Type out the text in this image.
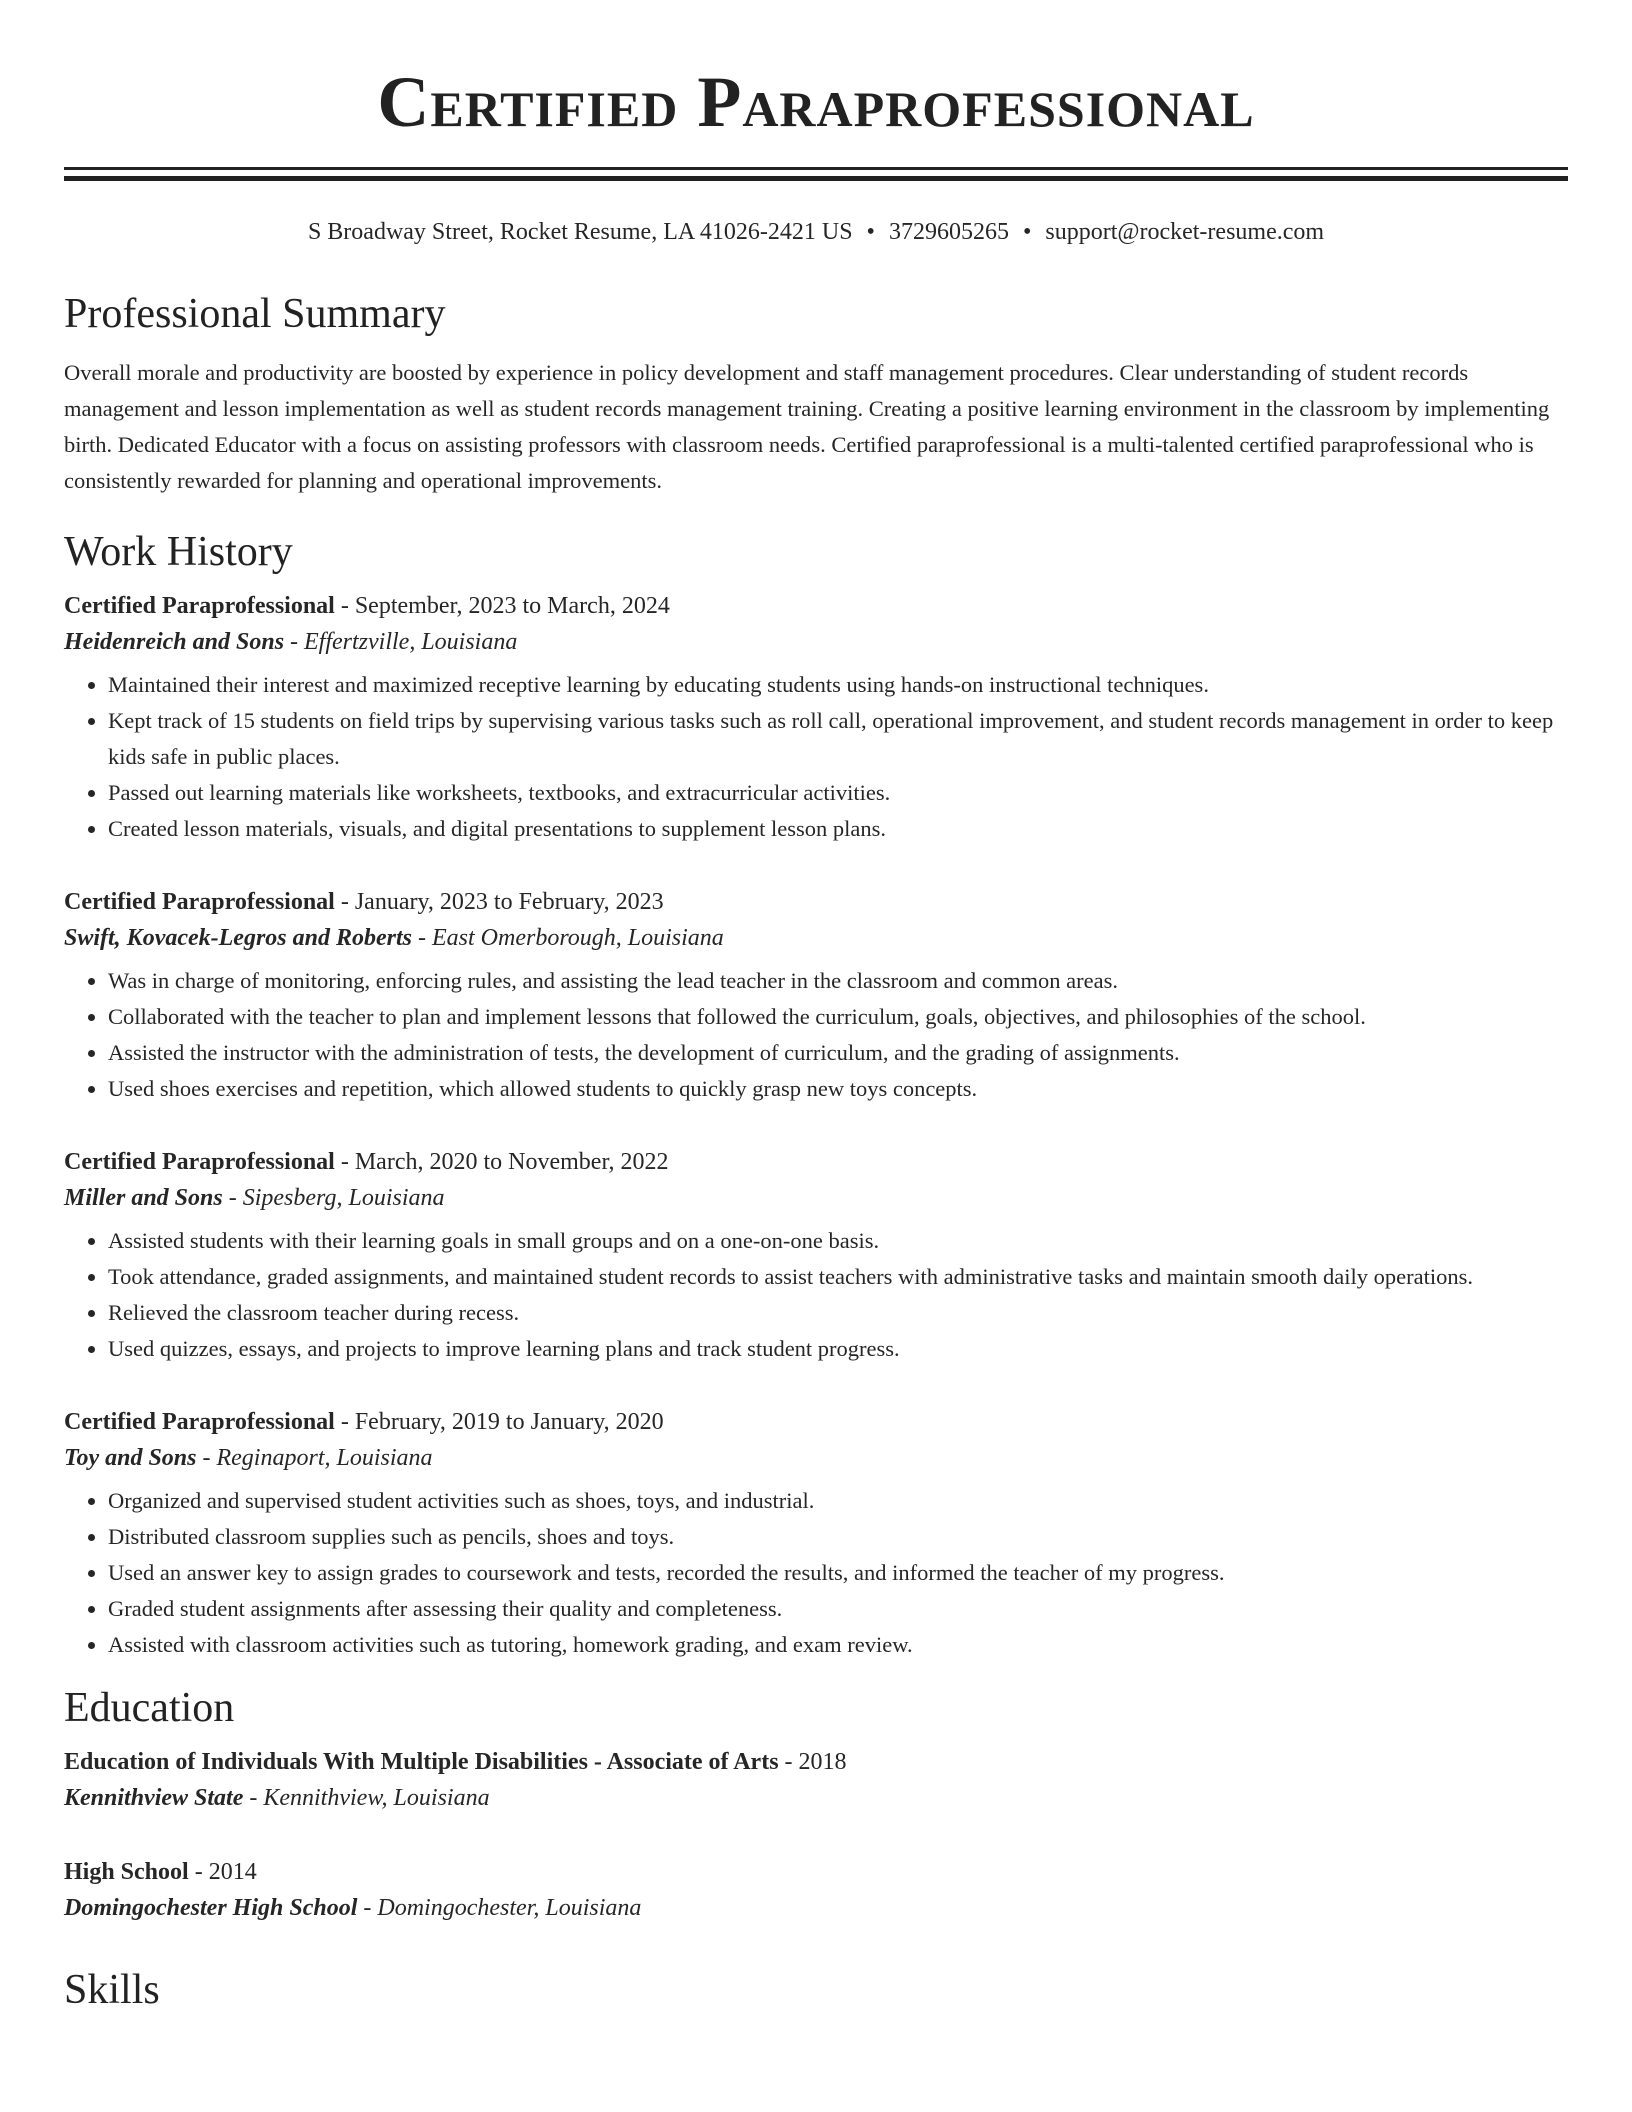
Certified Paraprofessional
S Broadway Street, Rocket Resume, LA 41026-2421 US • 3729605265 • support@rocket-resume.com
Professional Summary

Overall morale and productivity are boosted by experience in policy development and staff management procedures. Clear understanding of student records management and lesson implementation as well as student records management training. Creating a positive learning environment in the classroom by implementing birth. Dedicated Educator with a focus on assisting professors with classroom needs. Certified paraprofessional is a multi-talented certified paraprofessional who is consistently rewarded for planning and operational improvements.

Work History

Certified Paraprofessional - September, 2023 to March, 2024

Heidenreich and Sons - Effertzville, Louisiana

• Maintained their interest and maximized receptive learning by educating students using hands-on instructional techniques.
• Kept track of 15 students on field trips by supervising various tasks such as roll call, operational improvement, and student records management in order to keep kids safe in public places.
• Passed out learning materials like worksheets, textbooks, and extracurricular activities.
• Created lesson materials, visuals, and digital presentations to supplement lesson plans.

Certified Paraprofessional - January, 2023 to February, 2023

Swift, Kovacek-Legros and Roberts - East Omerborough, Louisiana

• Was in charge of monitoring, enforcing rules, and assisting the lead teacher in the classroom and common areas.
• Collaborated with the teacher to plan and implement lessons that followed the curriculum, goals, objectives, and philosophies of the school.
• Assisted the instructor with the administration of tests, the development of curriculum, and the grading of assignments.
• Used shoes exercises and repetition, which allowed students to quickly grasp new toys concepts.

Certified Paraprofessional - March, 2020 to November, 2022

Miller and Sons - Sipesberg, Louisiana

• Assisted students with their learning goals in small groups and on a one-on-one basis.
• Took attendance, graded assignments, and maintained student records to assist teachers with administrative tasks and maintain smooth daily operations.
• Relieved the classroom teacher during recess.
• Used quizzes, essays, and projects to improve learning plans and track student progress.

Certified Paraprofessional - February, 2019 to January, 2020

Toy and Sons - Reginaport, Louisiana

• Organized and supervised student activities such as shoes, toys, and industrial.
• Distributed classroom supplies such as pencils, shoes and toys.
• Used an answer key to assign grades to coursework and tests, recorded the results, and informed the teacher of my progress.
• Graded student assignments after assessing their quality and completeness.
• Assisted with classroom activities such as tutoring, homework grading, and exam review.
Education

Education of Individuals With Multiple Disabilities - Associate of Arts - 2018

Kennithview State - Kennithview, Louisiana

High School - 2014

Domingochester High School - Domingochester, Louisiana

Skills
